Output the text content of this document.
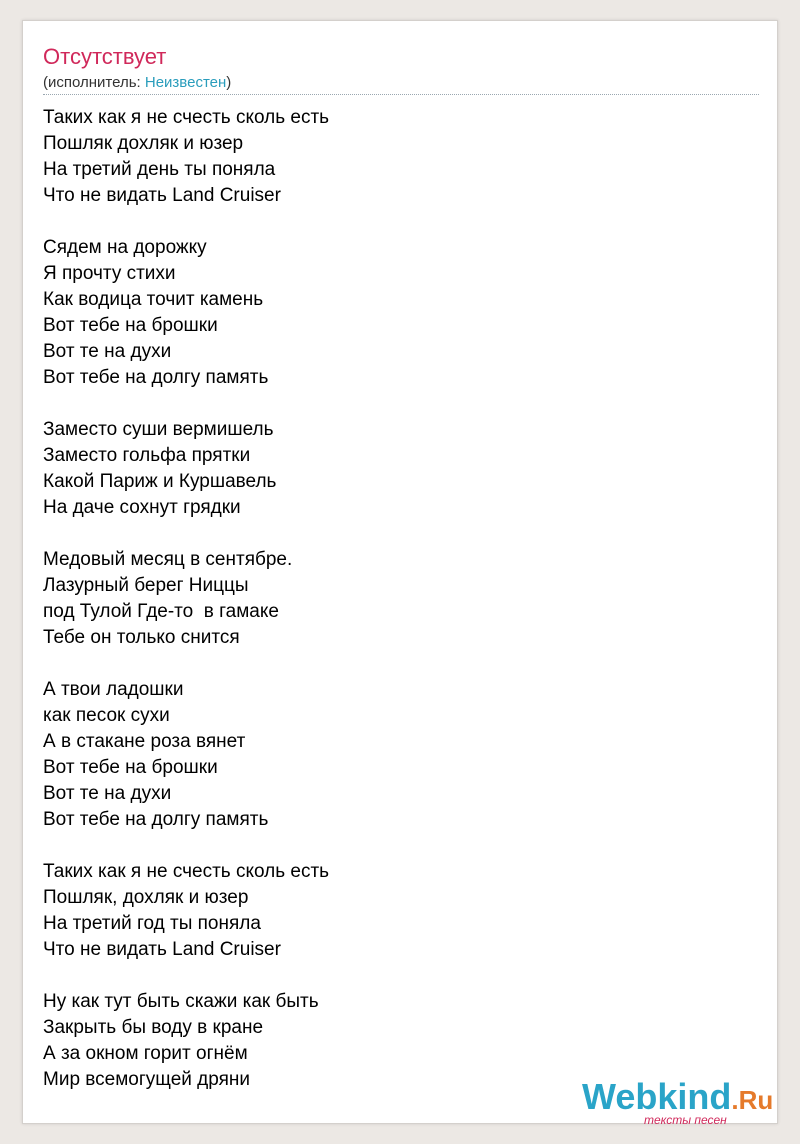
Отсутствует
(исполнитель: Неизвестен)
Таких как я не счесть сколь есть
Пошляк дохляк и юзер
На третий день ты поняла
Что не видать Land Cruiser
Сядем на дорожку
Я прочту стихи
Как водица точит камень
Вот тебе на брошки
Вот те на духи
Вот тебе на долгу память
Заместо суши вермишель
Заместо гольфа прятки
Какой Париж и Куршавель
На даче сохнут грядки
Медовый месяц в сентябре.
Лазурный берег Ниццы
под Тулой Где-то  в гамаке
Тебе он только снится
А твои ладошки
как песок сухи
А в стакане роза вянет
Вот тебе на брошки
Вот те на духи
Вот тебе на долгу память
Таких как я не счесть сколь есть
Пошляк, дохляк и юзер
На третий год ты поняла
Что не видать Land Cruiser
Ну как тут быть скажи как быть
Закрыть бы воду в кране
А за окном горит огнём
Мир всемогущей дряни	Webkind.Ru
тексты песен
